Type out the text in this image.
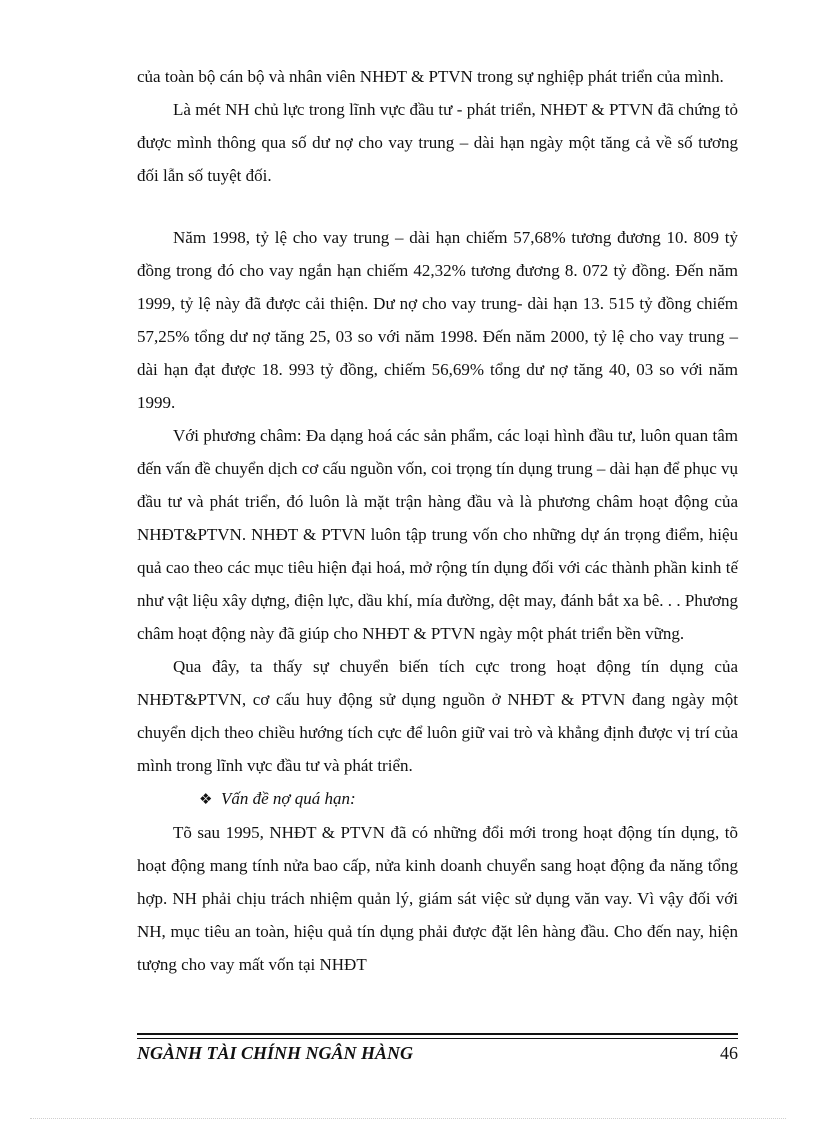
của toàn bộ cán bộ và nhân viên NHĐT & PTVN trong sự nghiệp phát triển của mình.

Là mét NH chủ lực trong lĩnh vực đầu tư - phát triển, NHĐT & PTVN đã chứng tỏ được mình thông qua số dư nợ cho vay trung – dài hạn ngày một tăng cả về số tương đối lẫn số tuyệt đối.

Năm 1998, tỷ lệ cho vay trung – dài hạn chiếm 57,68% tương đương 10. 809 tỷ đồng trong đó cho vay ngắn hạn chiếm 42,32% tương đương 8. 072 tỷ đồng. Đến năm 1999, tỷ lệ này đã được cải thiện. Dư nợ cho vay trung- dài hạn 13. 515 tỷ đồng chiếm 57,25% tổng dư nợ tăng 25, 03 so với năm 1998. Đến năm 2000, tỷ lệ cho vay trung – dài hạn đạt được 18. 993 tỷ đồng, chiếm 56,69% tổng dư nợ tăng 40, 03 so với năm 1999.

Với phương châm: Đa dạng hoá các sản phẩm, các loại hình đầu tư, luôn quan tâm đến vấn đề chuyển dịch cơ cấu nguồn vốn, coi trọng tín dụng trung – dài hạn để phục vụ đầu tư và phát triển, đó luôn là mặt trận hàng đầu và là phương châm hoạt động của NHĐT&PTVN. NHĐT & PTVN luôn tập trung vốn cho những dự án trọng điểm, hiệu quả cao theo các mục tiêu hiện đại hoá, mở rộng tín dụng đối với các thành phần kinh tế như vật liệu xây dựng, điện lực, dầu khí, mía đường, dệt may, đánh bắt xa bê. . . Phương châm hoạt động này đã giúp cho NHĐT & PTVN ngày một phát triển bền vững.

Qua đây, ta thấy sự chuyển biến tích cực trong hoạt động tín dụng của NHĐT&PTVN, cơ cấu huy động sử dụng nguồn ở NHĐT & PTVN đang ngày một chuyển dịch theo chiều hướng tích cực để luôn giữ vai trò và khẳng định được vị trí của mình trong lĩnh vực đầu tư và phát triển.

❖ Vấn đề nợ quá hạn:

Tõ sau 1995, NHĐT & PTVN đã có những đổi mới trong hoạt động tín dụng, tõ hoạt động mang tính nửa bao cấp, nửa kinh doanh chuyển sang hoạt động đa năng tổng hợp. NH phải chịu trách nhiệm quản lý, giám sát việc sử dụng văn vay. Vì vậy đối với NH, mục tiêu an toàn, hiệu quả tín dụng phải được đặt lên hàng đầu. Cho đến nay, hiện tượng cho vay mất vốn tại NHĐT

NGÀNH TÀI CHÍNH NGÂN HÀNG	46
